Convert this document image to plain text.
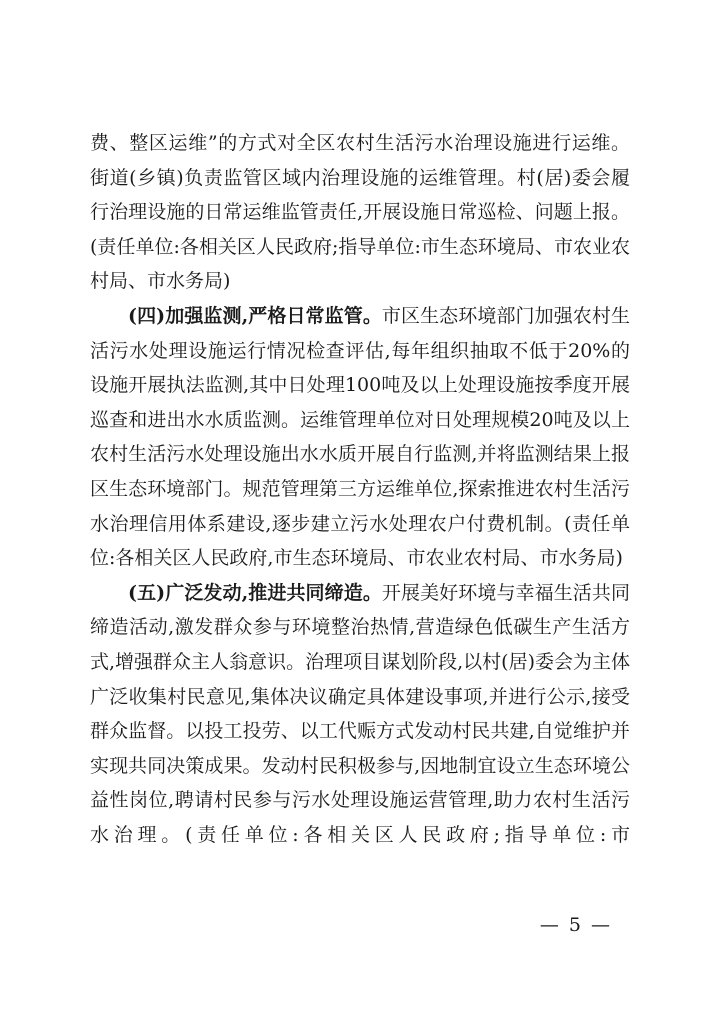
费、整区运维”的方式对全区农村生活污水治理设施进行运维。街道(乡镇)负责监管区域内治理设施的运维管理。村(居)委会履行治理设施的日常运维监管责任,开展设施日常巡检、问题上报。(责任单位:各相关区人民政府;指导单位:市生态环境局、市农业农村局、市水务局)

(四)加强监测,严格日常监管。市区生态环境部门加强农村生活污水处理设施运行情况检查评估,每年组织抽取不低于20%的设施开展执法监测,其中日处理100吨及以上处理设施按季度开展巡查和进出水水质监测。运维管理单位对日处理规模20吨及以上农村生活污水处理设施出水水质开展自行监测,并将监测结果上报区生态环境部门。规范管理第三方运维单位,探索推进农村生活污水治理信用体系建设,逐步建立污水处理农户付费机制。(责任单位:各相关区人民政府,市生态环境局、市农业农村局、市水务局)

(五)广泛发动,推进共同缔造。开展美好环境与幸福生活共同缔造活动,激发群众参与环境整治热情,营造绿色低碳生产生活方式,增强群众主人翁意识。治理项目谋划阶段,以村(居)委会为主体广泛收集村民意见,集体决议确定具体建设事项,并进行公示,接受群众监督。以投工投劳、以工代赈方式发动村民共建,自觉维护并实现共同决策成果。发动村民积极参与,因地制宜设立生态环境公益性岗位,聘请村民参与污水处理设施运营管理,助力农村生活污水治理。(责任单位:各相关区人民政府;指导单位:市

— 5 —
